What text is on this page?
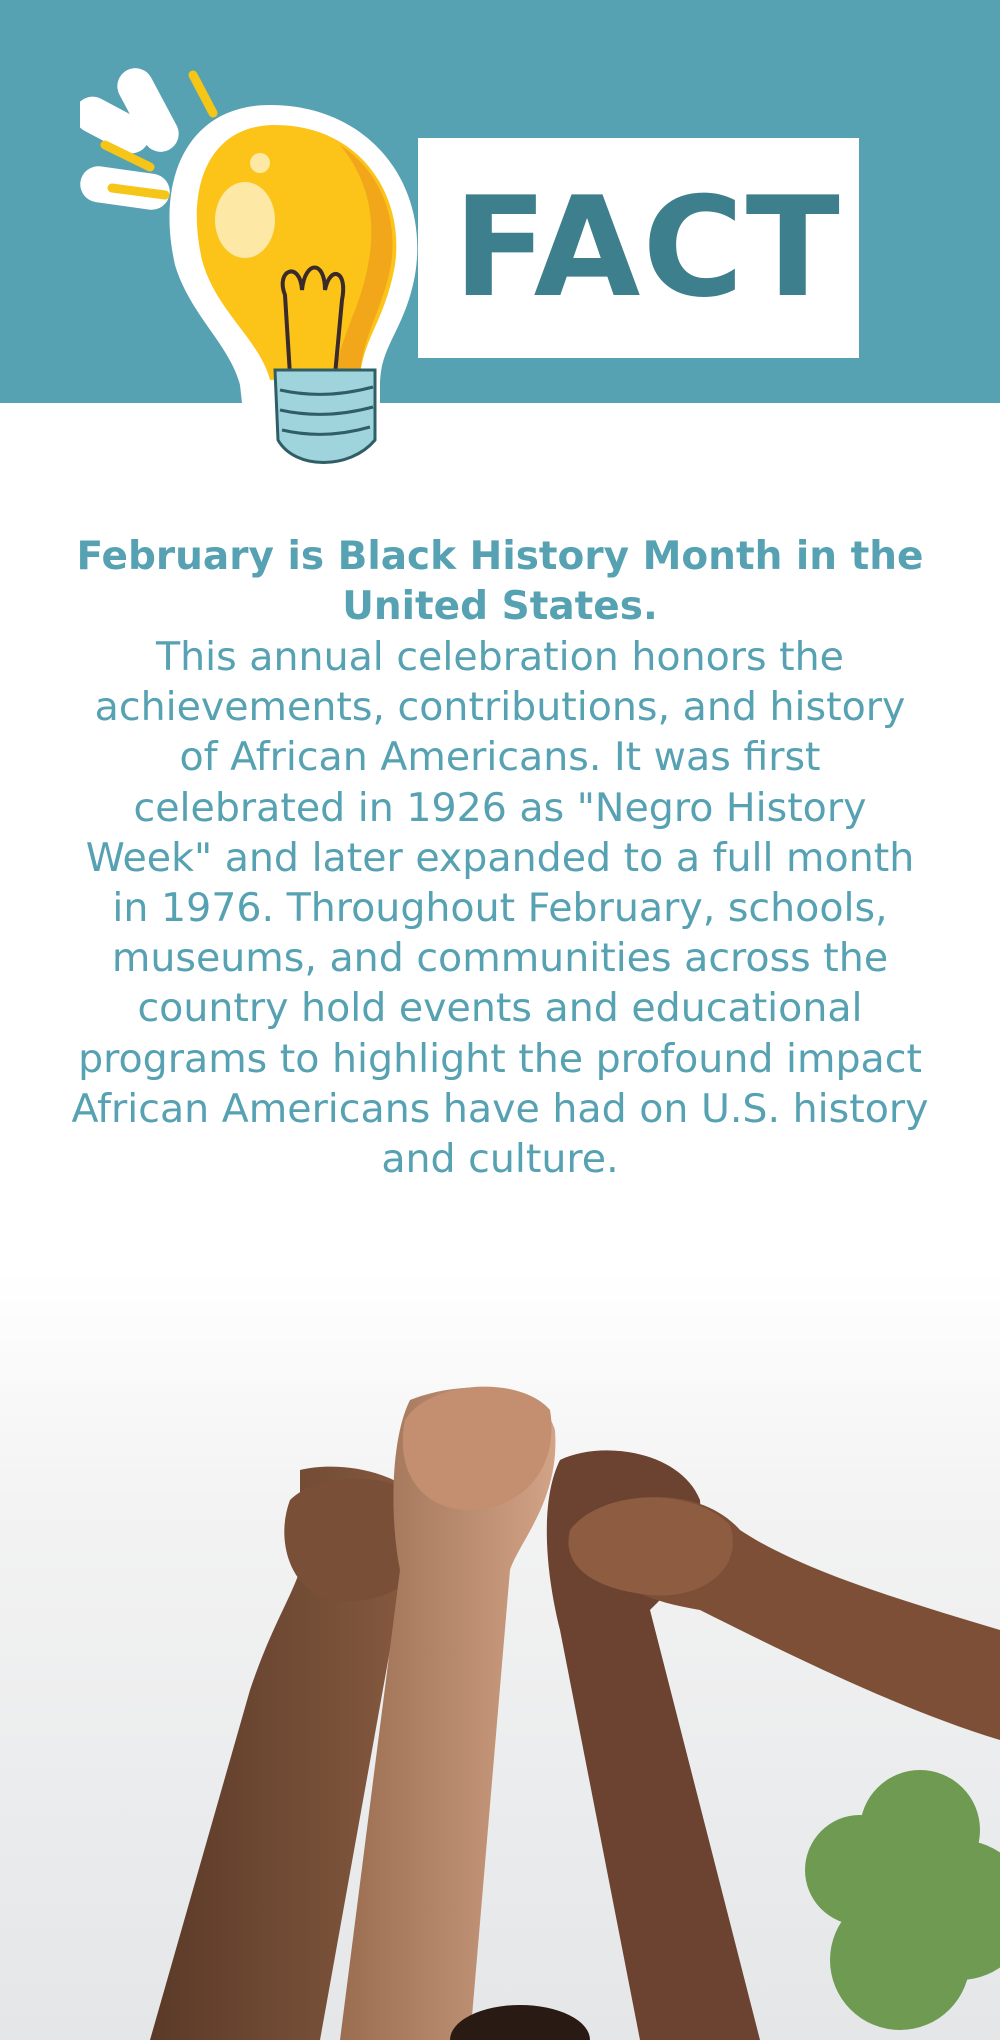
FACT

February is Black History Month in the United States.

This annual celebration honors the achievements, contributions, and history of African Americans. It was first celebrated in 1926 as "Negro History Week" and later expanded to a full month in 1976. Throughout February, schools, museums, and communities across the country hold events and educational programs to highlight the profound impact African Americans have had on U.S. history and culture.
